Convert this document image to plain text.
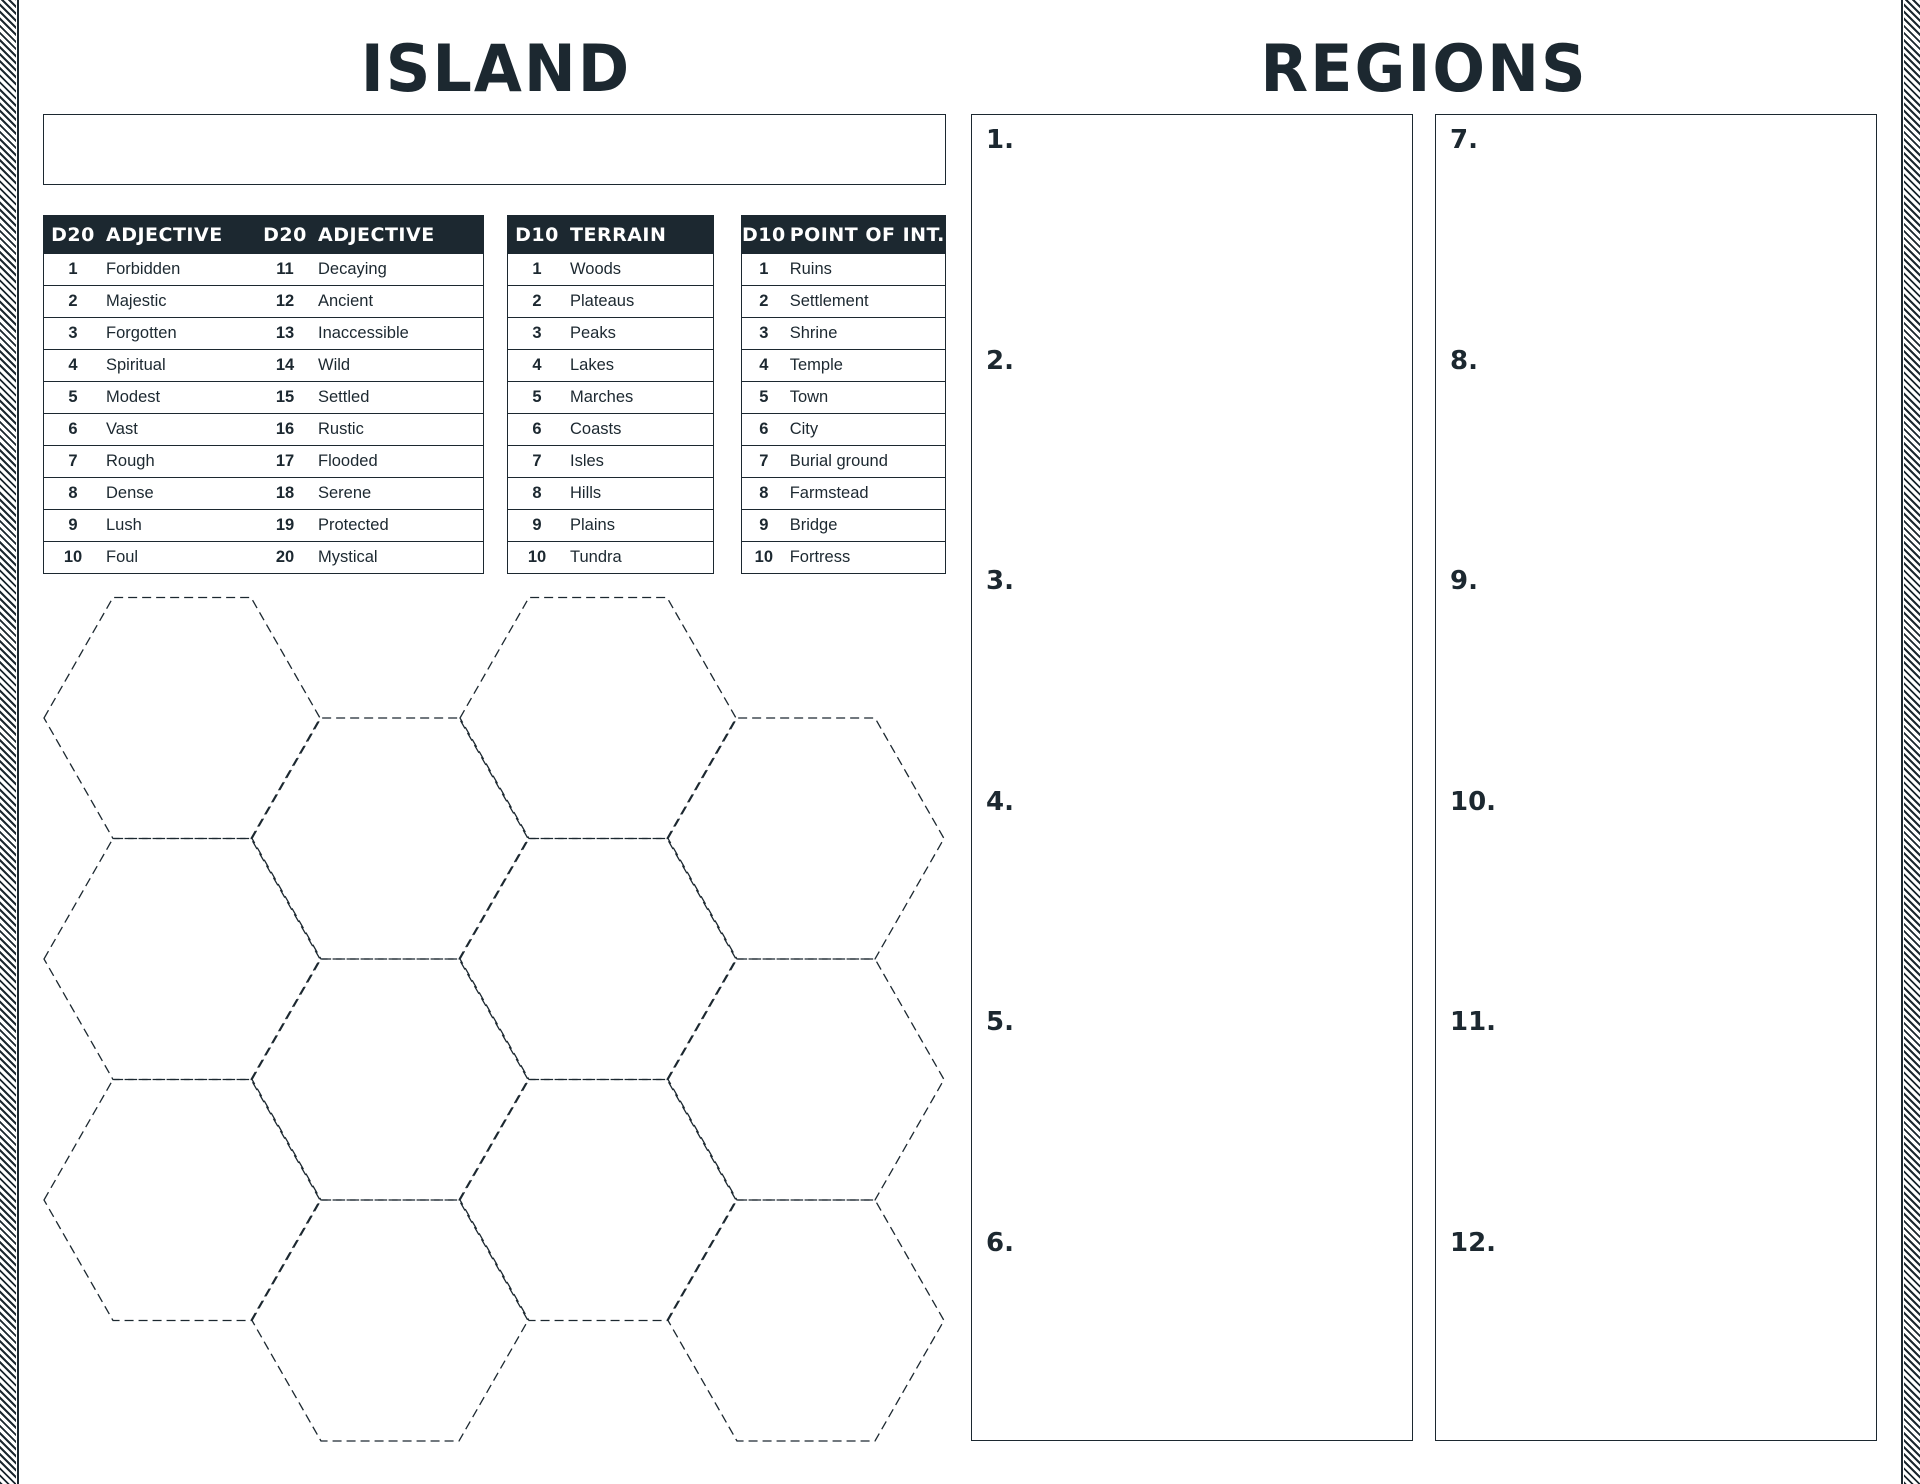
ISLAND	REGIONS
D20	ADJECTIVE	D20	ADJECTIVE
1	Forbidden	11	Decaying
2	Majestic	12	Ancient
3	Forgotten	13	Inaccessible
4	Spiritual	14	Wild
5	Modest	15	Settled
6	Vast	16	Rustic
7	Rough	17	Flooded
8	Dense	18	Serene
9	Lush	19	Protected
10	Foul	20	Mystical
D10	TERRAIN
1	Woods
2	Plateaus
3	Peaks
4	Lakes
5	Marches
6	Coasts
7	Isles
8	Hills
9	Plains
10	Tundra
D10	POINT OF INT.
1	Ruins
2	Settlement
3	Shrine
4	Temple
5	Town
6	City
7	Burial ground
8	Farmstead
9	Bridge
10	Fortress
1.
2.
3.
4.
5.
6.
7.
8.
9.
10.
11.
12.
